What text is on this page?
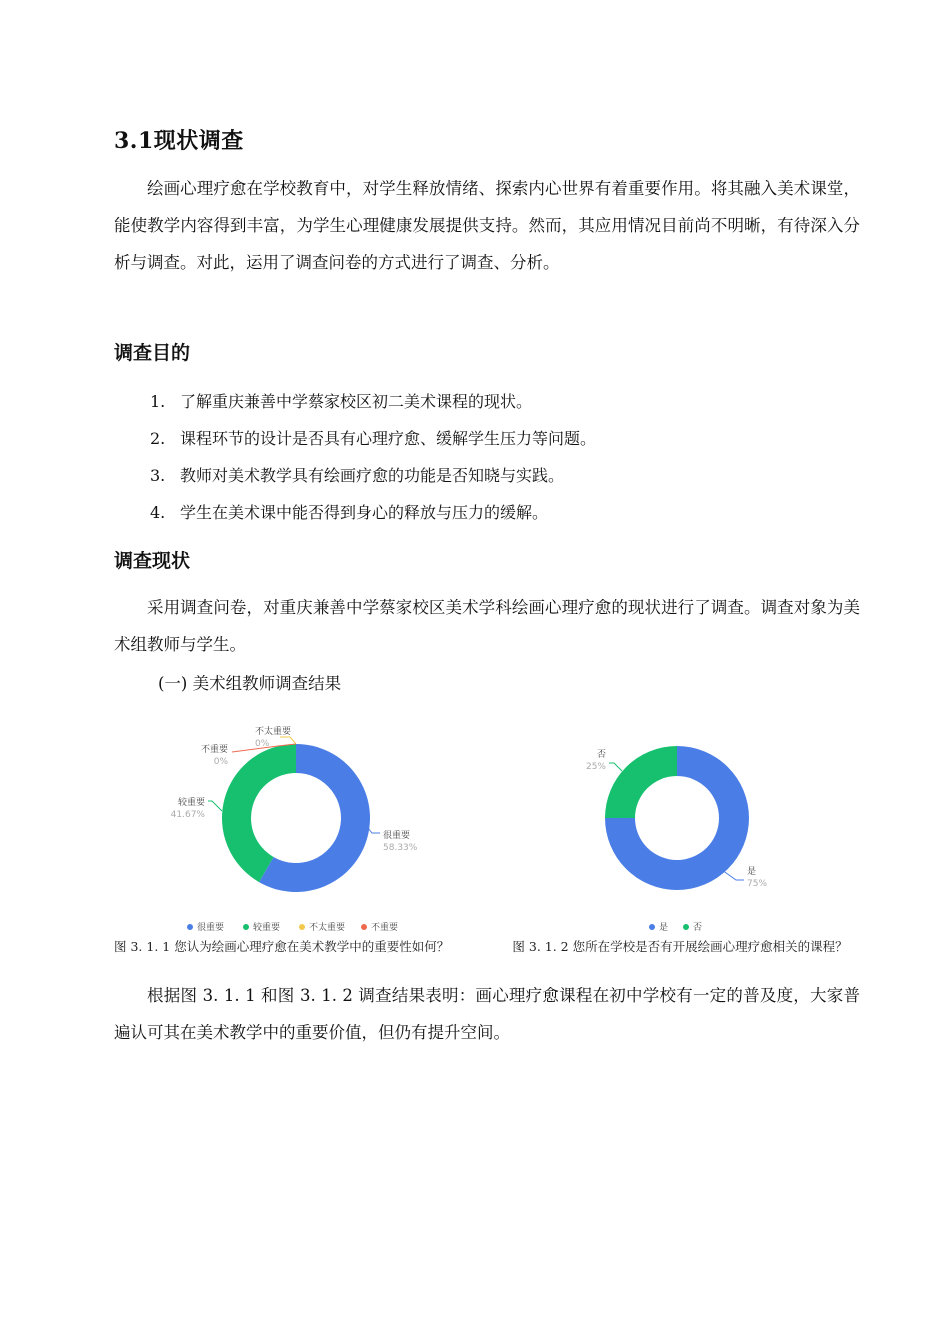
3.1现状调查

绘画心理疗愈在学校教育中，对学生释放情绪、探索内心世界有着重要作用。将其融入美术课堂，能使教学内容得到丰富，为学生心理健康发展提供支持。然而，其应用情况目前尚不明晰，有待深入分析与调查。对此，运用了调查问卷的方式进行了调查、分析。

调查目的
1. 了解重庆兼善中学蔡家校区初二美术课程的现状。
2. 课程环节的设计是否具有心理疗愈、缓解学生压力等问题。
3. 教师对美术教学具有绘画疗愈的功能是否知晓与实践。
4. 学生在美术课中能否得到身心的释放与压力的缓解。
调查现状

采用调查问卷，对重庆兼善中学蔡家校区美术学科绘画心理疗愈的现状进行了调查。调查对象为美术组教师与学生。

(一) 美术组教师调查结果

很重要
58.33%
较重要
41.67%
不太重要
0%
不重要
0%
很重要	较重要	不太重要	不重要
图 3. 1. 1 您认为绘画心理疗愈在美术教学中的重要性如何？
是
75%
否
25%
是	否
图 3. 1. 2 您所在学校是否有开展绘画心理疗愈相关的课程？

根据图 3. 1. 1 和图 3. 1. 2 调查结果表明：画心理疗愈课程在初中学校有一定的普及度，大家普遍认可其在美术教学中的重要价值，但仍有提升空间。
